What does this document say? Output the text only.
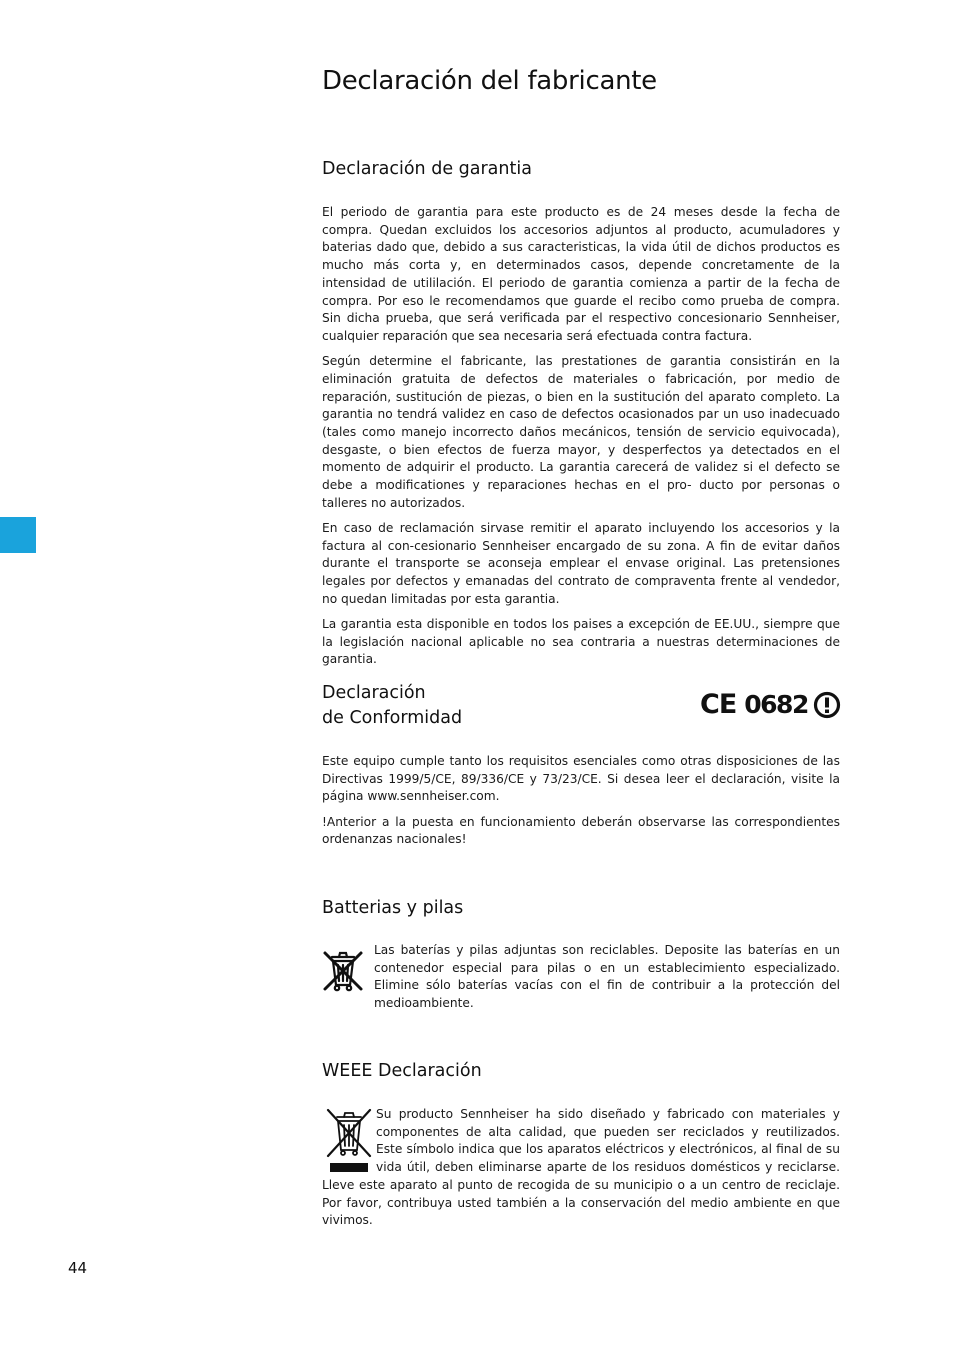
Declaración del fabricante
Declaración de garantia

El periodo de garantia para este producto es de 24 meses desde la fecha de compra. Quedan excluidos los accesorios adjuntos al producto, acumuladores y baterias dado que, debido a sus caracteristicas, la vida útil de dichos productos es mucho más corta y, en determinados casos, depende concretamente de la intensidad de utililación. El periodo de garantia comienza a partir de la fecha de compra. Por eso le recomendamos que guarde el recibo como prueba de compra. Sin dicha prueba, que será verificada par el respectivo concesionario Sennheiser, cualquier reparación que sea necesaria será efectuada contra factura.

Según determine el fabricante, las prestationes de garantia consistirán en la eliminación gratuita de defectos de materiales o fabricación, por medio de reparación, sustitución de piezas, o bien en la sustitución del aparato completo. La garantia no tendrá validez en caso de defectos ocasionados par un uso inadecuado (tales como manejo incorrecto daños mecánicos, tensión de servicio equivocada), desgaste, o bien efectos de fuerza mayor, y desperfectos ya detectados en el momento de adquirir el producto. La garantia carecerá de validez si el defecto se debe a modificationes y reparaciones hechas en el pro- ducto por personas o talleres no autorizados.

En caso de reclamación sirvase remitir el aparato incluyendo los accesorios y la factura al con-cesionario Sennheiser encargado de su zona. A fin de evitar daños durante el transporte se aconseja emplear el envase original. Las pretensiones legales por defectos y emanadas del contrato de compraventa frente al vendedor, no quedan limitadas por esta garantia.

La garantia esta disponible en todos los paises a excepción de EE.UU., siempre que la legislación nacional aplicable no sea contraria a nuestras determinaciones de garantia.

Declaración
de Conformidad	CE 0682

Este equipo cumple tanto los requisitos esenciales como otras disposiciones de las Directivas 1999/5/CE, 89/336/CE y 73/23/CE. Si desea leer el declaración, visite la página www.sennheiser.com.

!Anterior a la puesta en funcionamiento deberán observarse las correspondientes ordenanzas nacionales!

Batterias y pilas
Las baterías y pilas adjuntas son reciclables. Deposite las baterías en un contenedor especial para pilas o en un establecimiento especializado. Elimine sólo baterías vacías con el fin de contribuir a la protección del medioambiente.
WEEE Declaración
Su producto Sennheiser ha sido diseñado y fabricado con materiales y componentes de alta calidad, que pueden ser reciclados y reutilizados. Este símbolo indica que los aparatos eléctricos y electrónicos, al final de su vida útil, deben eliminarse aparte de los residuos domésticos y reciclarse. Lleve este aparato al punto de recogida de su municipio o a un centro de reciclaje. Por favor, contribuya usted también a la conservación del medio ambiente en que vivimos.
44
